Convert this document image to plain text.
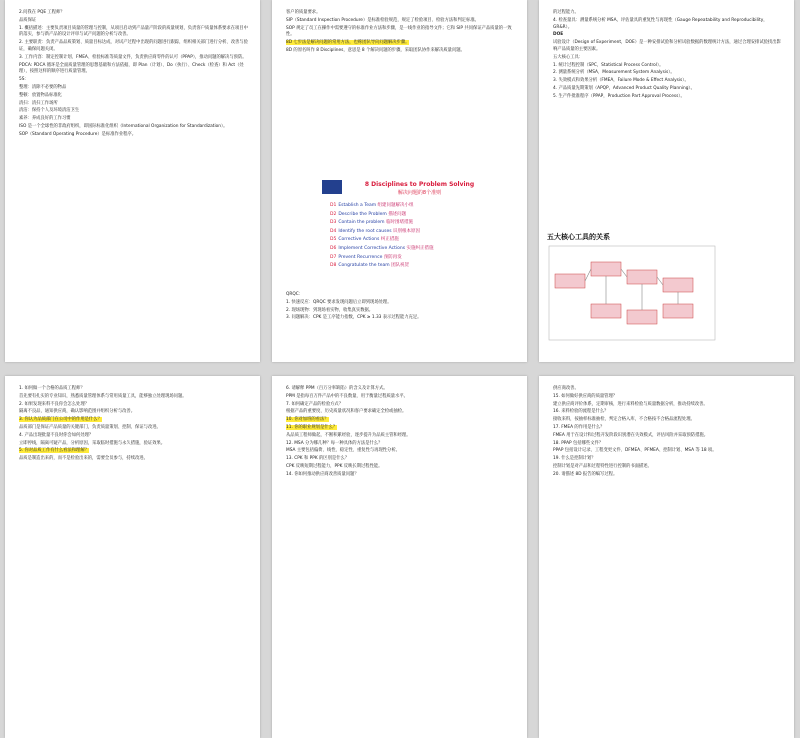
2.问我在 PQE 工程师？

品质保证

1. 概括描述：主要负责项目质量的管理与控制，从项目启动到产品量产阶段的质量规划，负责客户质量体系要求在项目中的落实，参与新产品的设计评审与试产问题的分析与改善。

2. 主要职责：负责产品品质策划、质量目标达成，对试产过程中出现的问题进行跟踪，组织相关部门进行分析、改善与验证，确保问题关闭。

3. 工作内容：制定控制计划、FMEA、检验标准等质量文件，负责供应商零件的认可（PPAP），推动问题的解决与预防。

PDCA: PDCA 循环是全面质量管理的思想基础和方法依据，即 Plan（计划）、Do（执行）、Check（检查）和 Act（处理），按照这样的顺序进行质量管理。

5S：

整理：清除不必要的物品

整顿：放置物品标准化

清扫：清扫工作场所

清洁：保持个人及环境清洁卫生

素养：养成良好的工作习惯

ISO 是一个全球性的非政府组织，即国际标准化组织（International Organization for Standardization）。

SOP（Standard Operating Procedure）是标准作业程序。

客户的质量要求。

SIP（Standard Inspection Procedure）是标准检验规范，规定了检验项目、检验方法和判定标准。

SOP 规定了员工在操作中需要遵守的标准作业方法和步骤，是一线作业的指导文件；它和 SIP 共同保证产品质量的一致性。

8D 七步法是解决问题的常用方法，也称团队导向问题解决步骤。

8D 的原名叫作 8 Disciplines，意思是 8 个解决问题的步骤，采取团队协作来解决质量问题。

8 Disciplines to Problem Solving
解决问题的8个准则
D1 Establish a Team 组建问题解决小组
D2 Describe the Problem 描述问题
D3 Contain the problem 临时围堵措施
D4 Identify the root causes 识别根本原因
D5 Corrective Actions 纠正措施
D6 Implement Corrective Actions 实施纠正措施
D7 Prevent Recurrence 预防再发
D8 Congratulate the team 团队祝贺

QRQC：

1. 快速反应：QRQC 要求发现问题后立即到现场处理。

2. 现场现物：到现场看实物，收集真实数据。

3. 问题解决：CPK 是工序能力指数，CPK ≥ 1.33 表示过程能力充足。

的过程能力。

4. 检查量具：测量系统分析 MSA，评估量具的重复性与再现性（Gauge Repeatability and Reproducibility，GR&R）。

DOE

试验设计（Design of Experiment，DOE）是一种安排试验和分析试验数据的数理统计方法，通过合理安排试验找出影响产品质量的主要因素。

五大核心工具：

1. 统计过程控制（SPC，Statistical Process Control）。

2. 测量系统分析（MSA，Measurement System Analysis）。

3. 失效模式和效果分析（FMEA，Failure Mode & Effect Analysis）。

4. 产品质量先期策划（APQP，Advanced Product Quality Planning）。

5. 生产件批准程序（PPAP，Production Part Approval Process）。

五大核心工具的关系

1. 如何做一个合格的品质工程师？

首先要有扎实的专业知识，熟悉质量管理体系与常用质量工具，能够独立处理现场问题。

2. 如果发现来料不良你会怎么处理？

隔离不良品，通知供应商，确认影响范围并组织分析与改善。

3. 你认为品质部门在公司中的作用是什么？

品质部门是保证产品质量的关键部门，负责质量策划、控制、保证与改进。

4. 产品出现批量不良时你会如何处理？

立即停线，隔离可疑产品，分析原因，采取临时措施与永久措施，验证效果。

5. 你对品质工作有什么看法和理解？

品质是制造出来的，而不是检验出来的，需要全员参与，持续改进。

6. 请解释 PPM（百万分率缺陷）的含义及计算方式。

PPM 是指每百万件产品中的不良数量，用于衡量过程质量水平。

7. 如何确定产品的检验方式？

根据产品的重要度、历史质量状况和客户要求确定全检或抽检。

10. 你对加班的看法？

11. 你的职业规划是什么？

从品质工程师做起，不断积累经验，逐步提升为品质主管和经理。

12. MSA 分为哪几种？每一种具体的方法是什么？

MSA 主要包括偏倚、线性、稳定性、重复性与再现性分析。

13. CPK 和 PPK 的区别是什么？

CPK 反映短期过程能力，PPK 反映长期过程性能。

14. 你如何推动供应商改善质量问题？

供应商改善。

15. 如何做好供应商的质量管理？

建立供应商评价体系，定期审核，进行来料检验与质量数据分析，推动持续改善。

16. 来料检验的流程是什么？

接收来料，按抽样标准抽检，判定合格入库，不合格按不合格品流程处理。

17. FMEA 的作用是什么？

FMEA 用于在设计和过程开发阶段识别潜在失效模式，评估风险并采取预防措施。

18. PPAP 包括哪些文件？

PPAP 包括设计记录、工程变更文件、DFMEA、PFMEA、控制计划、MSA 等 18 项。

19. 什么是控制计划？

控制计划是对产品和过程特性进行控制的书面描述。

20. 请描述 8D 报告的编写过程。
